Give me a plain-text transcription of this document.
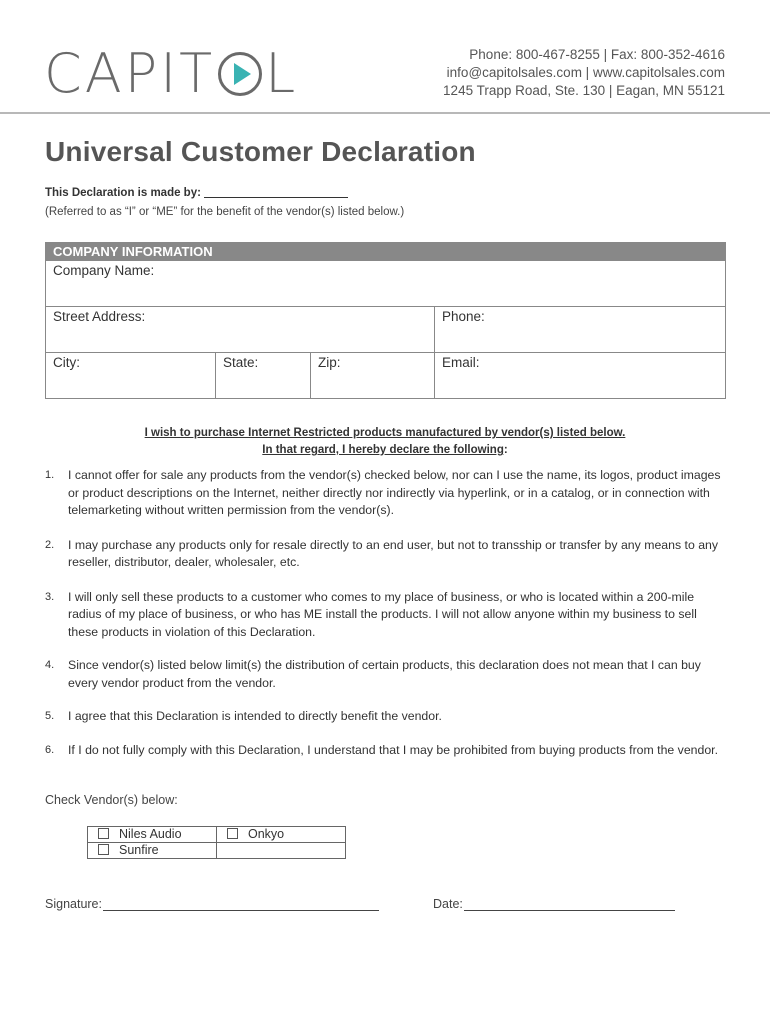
CAPIT L	Phone: 800-467-8255 | Fax: 800-352-4616
info@capitolsales.com | www.capitolsales.com
1245 Trapp Road, Ste. 130 | Eagan, MN 55121
Universal Customer Declaration
This Declaration is made by:
(Referred to as “I” or “ME” for the benefit of the vendor(s) listed below.)
COMPANY INFORMATION			
Company Name:			
Street Address:			Phone:
City:	State:	Zip:	Email:
I wish to purchase Internet Restricted products manufactured by vendor(s) listed below.
In that regard, I hereby declare the following:
1.	I cannot offer for sale any products from the vendor(s) checked below, nor can I use the name, its logos, product images or product descriptions on the Internet, neither directly nor indirectly via hyperlink, or in a catalog, or in connection with telemarketing without written permission from the vendor(s).
2.	I may purchase any products only for resale directly to an end user, but not to transship or transfer by any means to any reseller, distributor, dealer, wholesaler, etc.
3.	I will only sell these products to a customer who comes to my place of business, or who is located within a 200-mile radius of my place of business, or who has ME install the products. I will not allow anyone within my business to sell these products in violation of this Declaration.
4.	Since vendor(s) listed below limit(s) the distribution of certain products, this declaration does not mean that I can buy every vendor product from the vendor.
5.	I agree that this Declaration is intended to directly benefit the vendor.
6.	If I do not fully comply with this Declaration, I understand that I may be prohibited from buying products from the vendor.
Check Vendor(s) below:
Niles Audio	Onkyo
Sunfire	
Signature:	Date:
